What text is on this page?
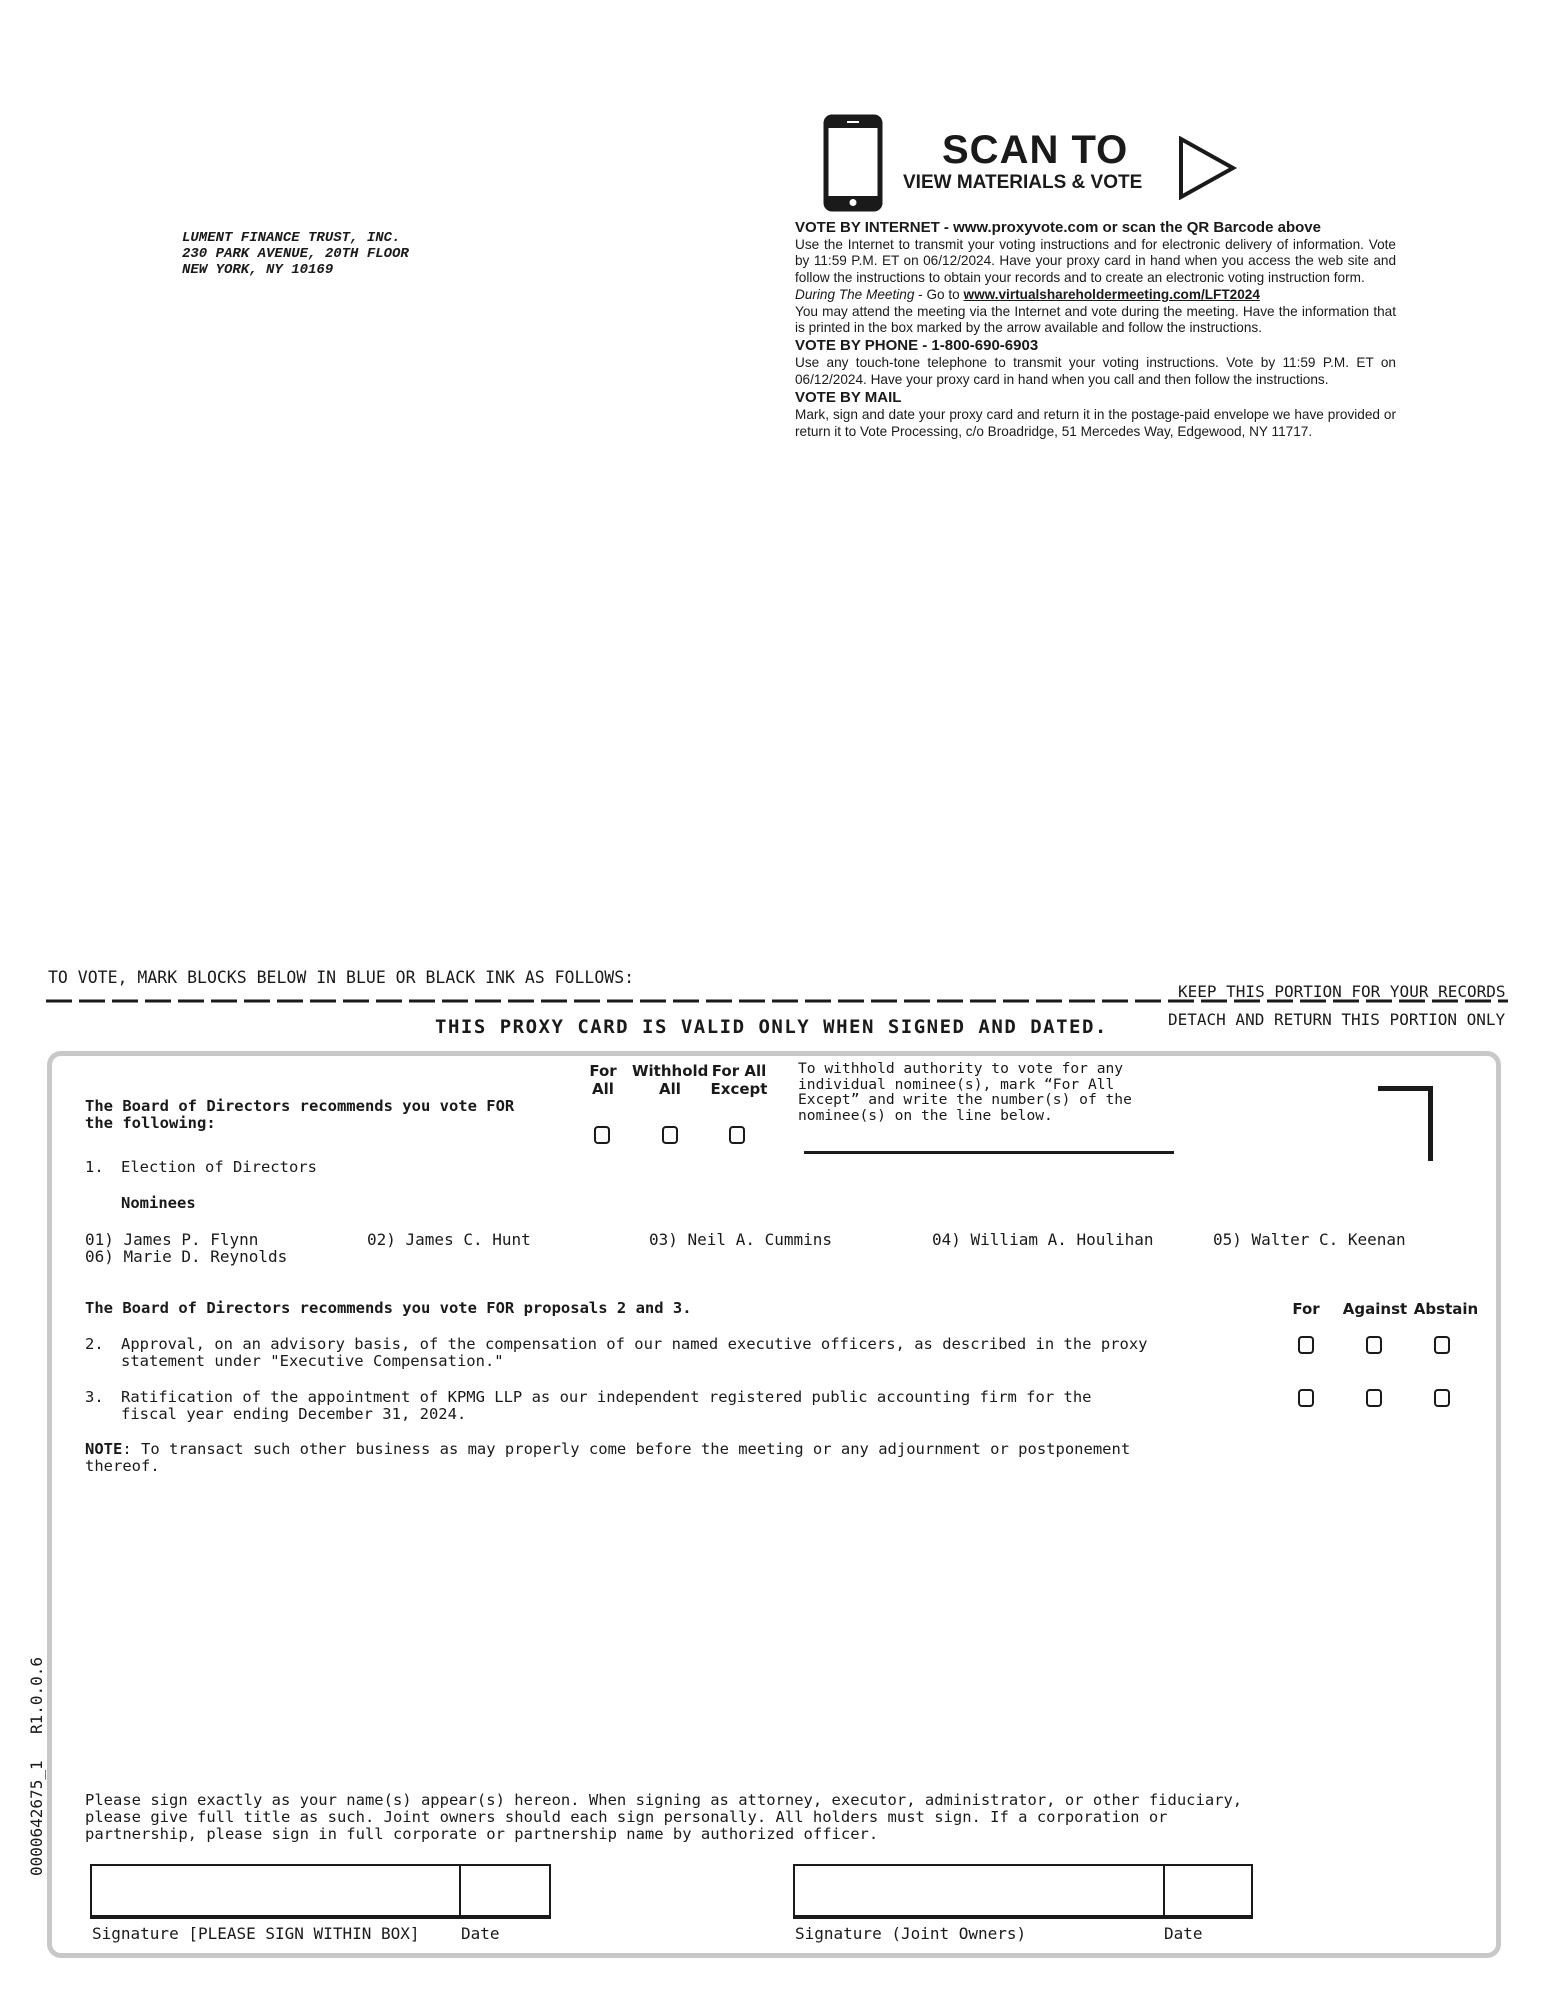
LUMENT FINANCE TRUST, INC.
230 PARK AVENUE, 20TH FLOOR
NEW YORK, NY 10169
SCAN TO
VIEW MATERIALS & VOTE
VOTE BY INTERNET - www.proxyvote.com or scan the QR Barcode above

Use the Internet to transmit your voting instructions and for electronic delivery of information. Vote by 11:59 P.M. ET on 06/12/2024. Have your proxy card in hand when you access the web site and follow the instructions to obtain your records and to create an electronic voting instruction form.

During The Meeting - Go to www.virtualshareholdermeeting.com/LFT2024

You may attend the meeting via the Internet and vote during the meeting. Have the information that is printed in the box marked by the arrow available and follow the instructions.

VOTE BY PHONE - 1-800-690-6903

Use any touch-tone telephone to transmit your voting instructions. Vote by 11:59 P.M. ET on 06/12/2024. Have your proxy card in hand when you call and then follow the instructions.

VOTE BY MAIL

Mark, sign and date your proxy card and return it in the postage-paid envelope we have provided or return it to Vote Processing, c/o Broadridge, 51 Mercedes Way, Edgewood, NY 11717.

TO VOTE, MARK BLOCKS BELOW IN BLUE OR BLACK INK AS FOLLOWS:
KEEP THIS PORTION FOR YOUR RECORDS
DETACH AND RETURN THIS PORTION ONLY
THIS PROXY CARD IS VALID ONLY WHEN SIGNED AND DATED.
The Board of Directors recommends you vote FOR
the following:
For
All
Withhold
All
For All
Except
To withhold authority to vote for any
individual nominee(s), mark “For All
Except” and write the number(s) of the
nominee(s) on the line below.
1. Election of Directors
Nominees
01) James P. Flynn	02) James C. Hunt	03) Neil A. Cummins	04) William A. Houlihan	05) Walter C. Keenan
06) Marie D. Reynolds
The Board of Directors recommends you vote FOR proposals 2 and 3.	For	Against Abstain
2. Approval, on an advisory basis, of the compensation of our named executive officers, as described in the proxy
statement under "Executive Compensation."
3. Ratification of the appointment of KPMG LLP as our independent registered public accounting firm for the
fiscal year ending December 31, 2024.
NOTE: To transact such other business as may properly come before the meeting or any adjournment or postponement
thereof.
Please sign exactly as your name(s) appear(s) hereon. When signing as attorney, executor, administrator, or other fiduciary,
please give full title as such. Joint owners should each sign personally. All holders must sign. If a corporation or
partnership, please sign in full corporate or partnership name by authorized officer.
Signature [PLEASE SIGN WITHIN BOX]	Date	Signature (Joint Owners)	Date
0000642675_1
R1.0.0.6
